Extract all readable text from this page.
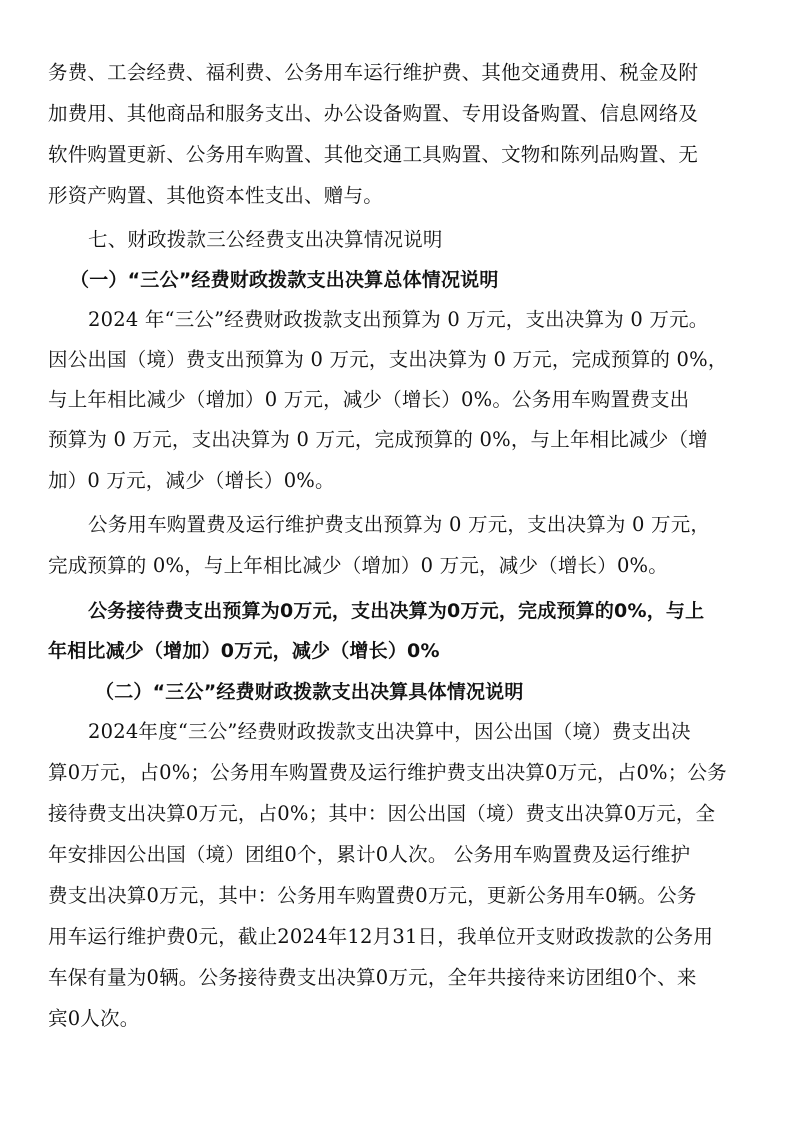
务费、工会经费、福利费、公务用车运行维护费、其他交通费用、税金及附
加费用、其他商品和服务支出、办公设备购置、专用设备购置、信息网络及
软件购置更新、公务用车购置、其他交通工具购置、文物和陈列品购置、无
形资产购置、其他资本性支出、赠与。
七、财政拨款三公经费支出决算情况说明
（一）“三公”经费财政拨款支出决算总体情况说明
2024 年“三公”经费财政拨款支出预算为 0 万元，支出决算为 0 万元。
因公出国（境）费支出预算为 0 万元，支出决算为 0 万元，完成预算的 0%，
与上年相比减少（增加）0 万元，减少（增长）0%。公务用车购置费支出
预算为 0 万元，支出决算为 0 万元，完成预算的 0%，与上年相比减少（增
加）0 万元，减少（增长）0%。
公务用车购置费及运行维护费支出预算为 0 万元，支出决算为 0 万元，
完成预算的 0%，与上年相比减少（增加）0 万元，减少（增长）0%。
公务接待费支出预算为0万元，支出决算为0万元，完成预算的0%，与上
年相比减少（增加）0万元，减少（增长）0%
（二）“三公”经费财政拨款支出决算具体情况说明
2024年度“三公”经费财政拨款支出决算中，因公出国（境）费支出决
算0万元，占0%；公务用车购置费及运行维护费支出决算0万元，占0%；公务
接待费支出决算0万元，占0%；其中：因公出国（境）费支出决算0万元，全
年安排因公出国（境）团组0个，累计0人次。 公务用车购置费及运行维护
费支出决算0万元，其中：公务用车购置费0万元，更新公务用车0辆。公务
用车运行维护费0元，截止2024年12月31日，我单位开支财政拨款的公务用
车保有量为0辆。公务接待费支出决算0万元，全年共接待来访团组0个、来
宾0人次。
